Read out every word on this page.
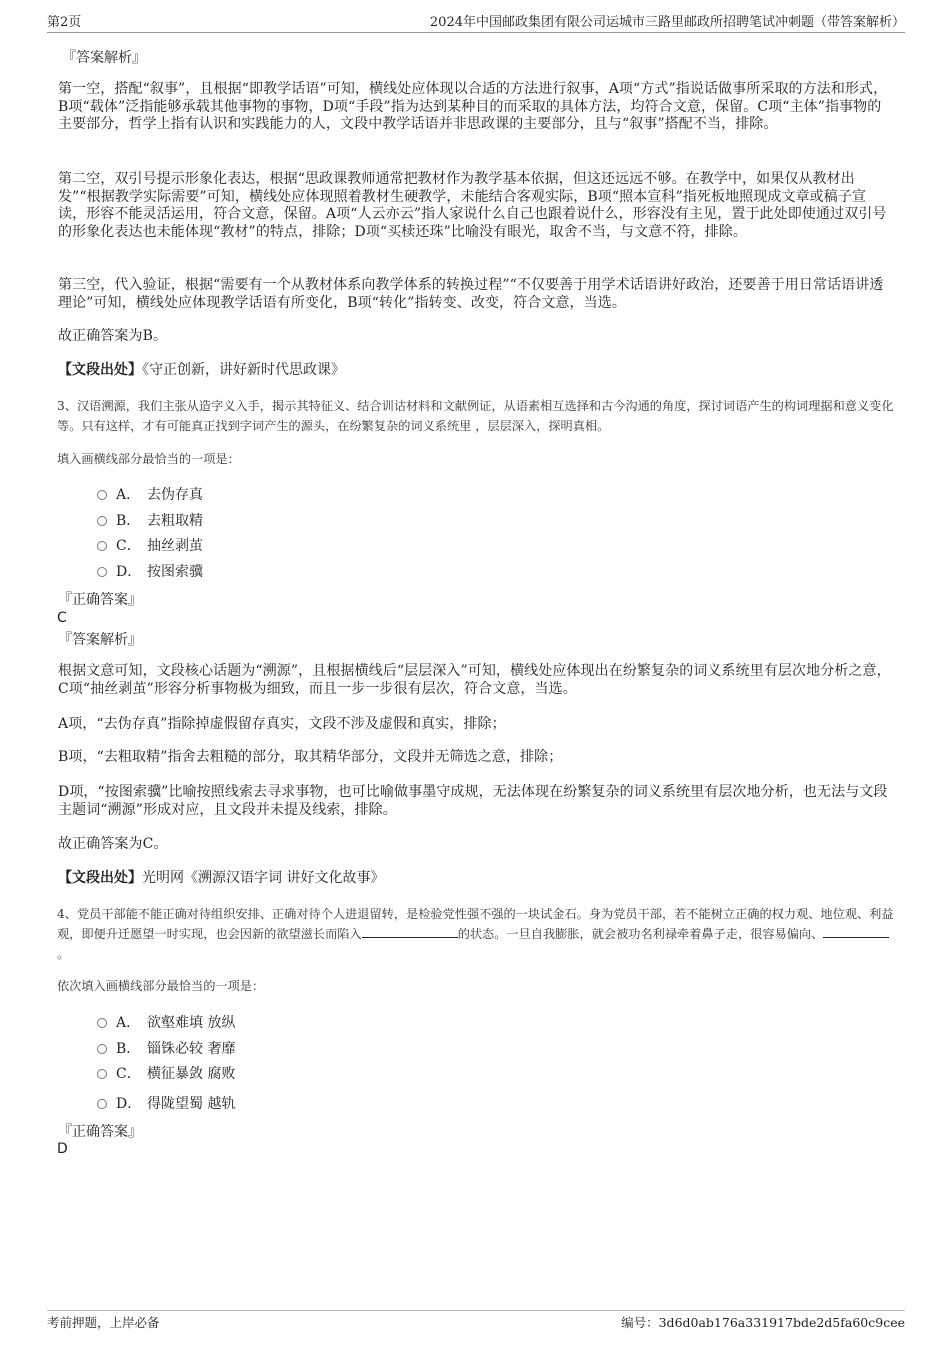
第2页	2024年中国邮政集团有限公司运城市三路里邮政所招聘笔试冲刺题（带答案解析）
『答案解析』
第一空，搭配“叙事”，且根据“即教学话语”可知，横线处应体现以合适的方法进行叙事，A项“方式”指说话做事所采取的方法和形式，B项“载体”泛指能够承载其他事物的事物，D项“手段”指为达到某种目的而采取的具体方法，均符合文意，保留。C项“主体”指事物的主要部分，哲学上指有认识和实践能力的人，文段中教学话语并非思政课的主要部分，且与“叙事”搭配不当，排除。
第二空，双引号提示形象化表达，根据“思政课教师通常把教材作为教学基本依据，但这还远远不够。在教学中，如果仅从教材出发”“根据教学实际需要”可知，横线处应体现照着教材生硬教学，未能结合客观实际，B项“照本宣科”指死板地照现成文章或稿子宣读，形容不能灵活运用，符合文意，保留。A项“人云亦云”指人家说什么自己也跟着说什么，形容没有主见，置于此处即使通过双引号的形象化表达也未能体现“教材”的特点，排除；D项“买椟还珠”比喻没有眼光，取舍不当，与文意不符，排除。
第三空，代入验证，根据“需要有一个从教材体系向教学体系的转换过程”“不仅要善于用学术话语讲好政治，还要善于用日常话语讲透理论”可知，横线处应体现教学话语有所变化，B项“转化”指转变、改变，符合文意，当选。
故正确答案为B。
【文段出处】《守正创新，讲好新时代思政课》
3、汉语溯源，我们主张从造字义入手，揭示其特征义、结合训诂材料和文献例证，从语素相互选择和古今沟通的角度，探讨词语产生的构词理据和意义变化等。只有这样，才有可能真正找到字词产生的源头，在纷繁复杂的词义系统里 ，层层深入，探明真相。
填入画横线部分最恰当的一项是：
A． 去伪存真
B． 去粗取精
C． 抽丝剥茧
D． 按图索骥
『正确答案』
C
『答案解析』
根据文意可知，文段核心话题为“溯源”，且根据横线后“层层深入”可知，横线处应体现出在纷繁复杂的词义系统里有层次地分析之意，C项“抽丝剥茧”形容分析事物极为细致，而且一步一步很有层次，符合文意，当选。
A项，“去伪存真”指除掉虚假留存真实，文段不涉及虚假和真实，排除；
B项，“去粗取精”指舍去粗糙的部分，取其精华部分，文段并无筛选之意，排除；
D项，“按图索骥”比喻按照线索去寻求事物，也可比喻做事墨守成规，无法体现在纷繁复杂的词义系统里有层次地分析，也无法与文段主题词“溯源”形成对应，且文段并未提及线索，排除。
故正确答案为C。
【文段出处】光明网《溯源汉语字词 讲好文化故事》
4、党员干部能不能正确对待组织安排、正确对待个人进退留转，是检验党性强不强的一块试金石。身为党员干部，若不能树立正确的权力观、地位观、利益观，即便升迁愿望一时实现，也会因新的欲望滋长而陷入	的状态。一旦自我膨胀，就会被功名利禄牵着鼻子走，很容易偏向、。
依次填入画横线部分最恰当的一项是：
A． 欲壑难填 放纵
B． 锱铢必较 奢靡
C． 横征暴敛 腐败
D． 得陇望蜀 越轨
『正确答案』
D
考前押题，上岸必备	编号：3d6d0ab176a331917bde2d5fa60c9cee
